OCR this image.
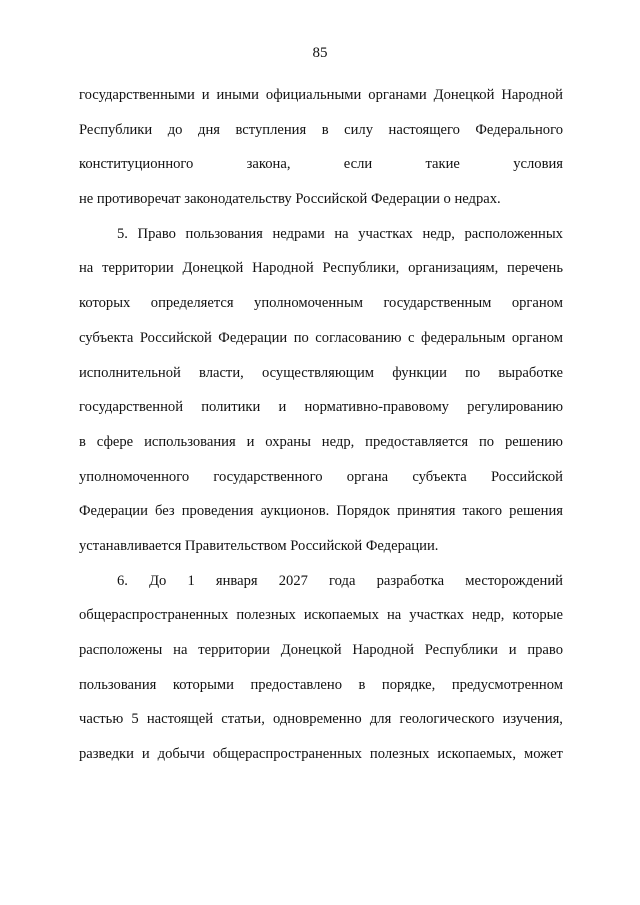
85
государственными и иными официальными органами Донецкой Народной
Республики до дня вступления в силу настоящего Федерального
конституционного	закона,	если	такие	условия
не противоречат законодательству Российской Федерации о недрах.
5. Право пользования недрами на участках недр, расположенных
на территории Донецкой Народной Республики, организациям, перечень
которых определяется уполномоченным государственным органом
субъекта Российской Федерации по согласованию с федеральным органом
исполнительной власти, осуществляющим функции по выработке
государственной политики и нормативно-правовому регулированию
в сфере использования и охраны недр, предоставляется по решению
уполномоченного государственного органа субъекта Российской
Федерации без проведения аукционов. Порядок принятия такого решения
устанавливается Правительством Российской Федерации.
6. До 1 января 2027 года разработка месторождений
общераспространенных полезных ископаемых на участках недр, которые
расположены на территории Донецкой Народной Республики и право
пользования которыми предоставлено в порядке, предусмотренном
частью 5 настоящей статьи, одновременно для геологического изучения,
разведки и добычи общераспространенных полезных ископаемых, может
